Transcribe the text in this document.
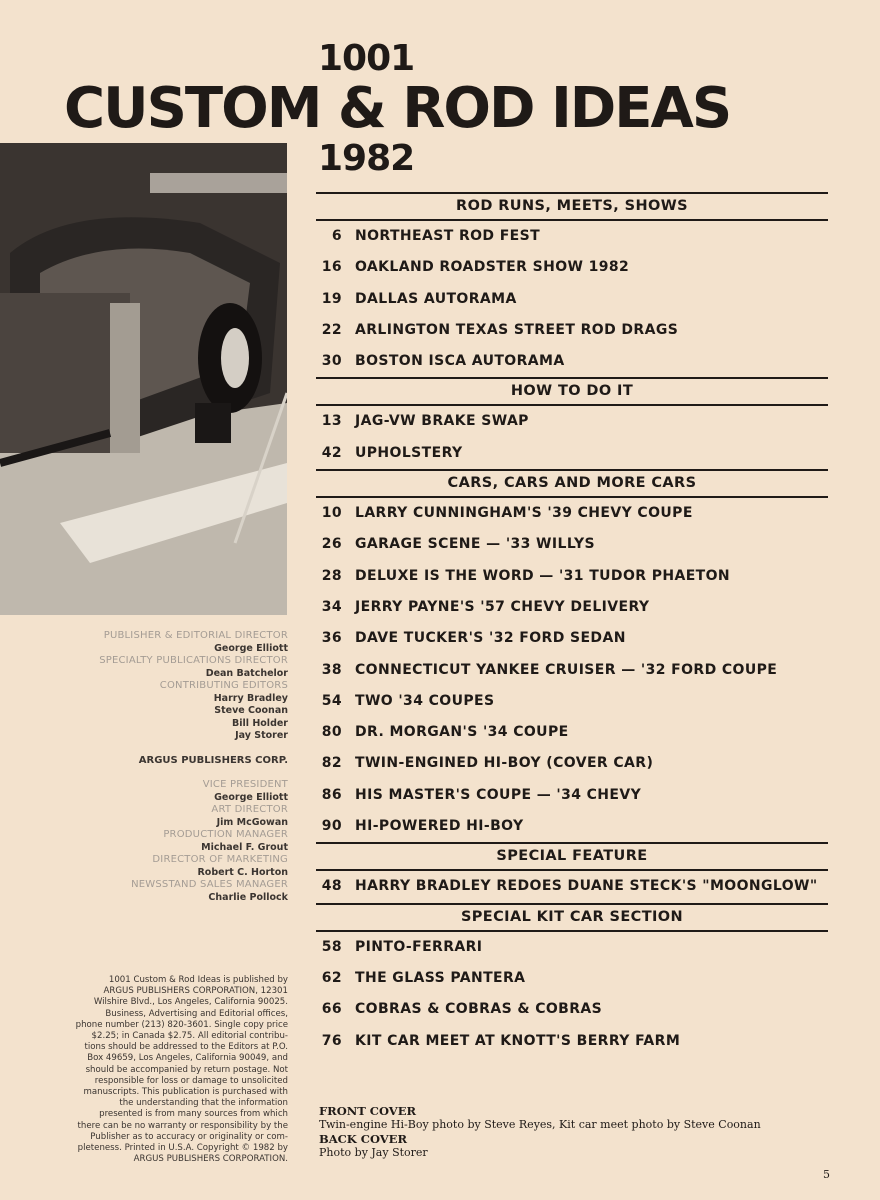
1001
CUSTOM & ROD IDEAS
1982
PUBLISHER & EDITORIAL DIRECTOR
George Elliott
SPECIALTY PUBLICATIONS DIRECTOR
Dean Batchelor
CONTRIBUTING EDITORS
Harry Bradley
Steve Coonan
Bill Holder
Jay Storer
ARGUS PUBLISHERS CORP.
VICE PRESIDENT
George Elliott
ART DIRECTOR
Jim McGowan
PRODUCTION MANAGER
Michael F. Grout
DIRECTOR OF MARKETING
Robert C. Horton
NEWSSTAND SALES MANAGER
Charlie Pollock
1001 Custom & Rod Ideas is published by
ARGUS PUBLISHERS CORPORATION, 12301
Wilshire Blvd., Los Angeles, California 90025.
Business, Advertising and Editorial offices,
phone number (213) 820-3601. Single copy price
$2.25; in Canada $2.75. All editorial contribu-
tions should be addressed to the Editors at P.O.
Box 49659, Los Angeles, California 90049, and
should be accompanied by return postage. Not
responsible for loss or damage to unsolicited
manuscripts. This publication is purchased with
the understanding that the information
presented is from many sources from which
there can be no warranty or responsibility by the
Publisher as to accuracy or originality or com-
pleteness. Printed in U.S.A. Copyright © 1982 by
ARGUS PUBLISHERS CORPORATION.
ROD RUNS, MEETS, SHOWS
6 NORTHEAST ROD FEST
16 OAKLAND ROADSTER SHOW 1982
19 DALLAS AUTORAMA
22 ARLINGTON TEXAS STREET ROD DRAGS
30 BOSTON ISCA AUTORAMA
HOW TO DO IT
13 JAG-VW BRAKE SWAP
42 UPHOLSTERY
CARS, CARS AND MORE CARS
10 LARRY CUNNINGHAM'S '39 CHEVY COUPE
26 GARAGE SCENE — '33 WILLYS
28 DELUXE IS THE WORD — '31 TUDOR PHAETON
34 JERRY PAYNE'S '57 CHEVY DELIVERY
36 DAVE TUCKER'S '32 FORD SEDAN
38 CONNECTICUT YANKEE CRUISER — '32 FORD COUPE
54 TWO '34 COUPES
80 DR. MORGAN'S '34 COUPE
82 TWIN-ENGINED HI-BOY (COVER CAR)
86 HIS MASTER'S COUPE — '34 CHEVY
90 HI-POWERED HI-BOY
SPECIAL FEATURE
48 HARRY BRADLEY REDOES DUANE STECK'S "MOONGLOW"
SPECIAL KIT CAR SECTION
58 PINTO-FERRARI
62 THE GLASS PANTERA
66 COBRAS & COBRAS & COBRAS
76 KIT CAR MEET AT KNOTT'S BERRY FARM
FRONT COVER
Twin-engine Hi-Boy photo by Steve Reyes, Kit car meet photo by Steve Coonan
BACK COVER
Photo by Jay Storer
5
